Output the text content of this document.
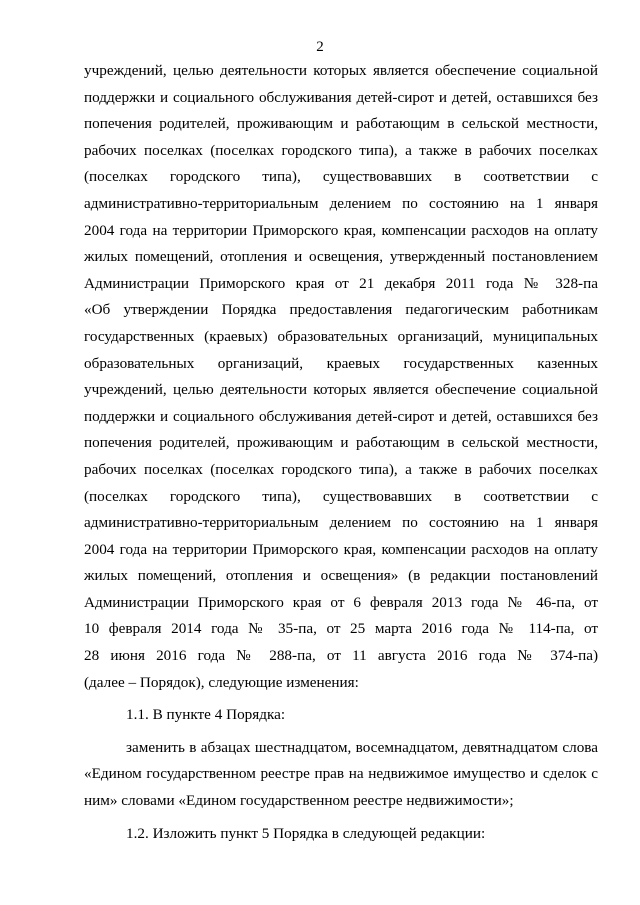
2
учреждений, целью деятельности которых является обеспечение социальной
поддержки и социального обслуживания детей-сирот и детей, оставшихся без
попечения родителей, проживающим и работающим в сельской местности,
рабочих поселках (поселках городского типа), а также в рабочих поселках
(поселках городского типа), существовавших в соответствии с
административно-территориальным делением по состоянию на 1 января
2004 года на территории Приморского края, компенсации расходов на оплату
жилых помещений, отопления и освещения, утвержденный постановлением
Администрации Приморского края от 21 декабря 2011 года № 328-па
«Об утверждении Порядка предоставления педагогическим работникам
государственных (краевых) образовательных организаций, муниципальных
образовательных организаций, краевых государственных казенных
учреждений, целью деятельности которых является обеспечение социальной
поддержки и социального обслуживания детей-сирот и детей, оставшихся без
попечения родителей, проживающим и работающим в сельской местности,
рабочих поселках (поселках городского типа), а также в рабочих поселках
(поселках городского типа), существовавших в соответствии с
административно-территориальным делением по состоянию на 1 января
2004 года на территории Приморского края, компенсации расходов на оплату
жилых помещений, отопления и освещения» (в редакции постановлений
Администрации Приморского края от 6 февраля 2013 года № 46-па, от
10 февраля 2014 года № 35-па, от 25 марта 2016 года № 114-па, от
28 июня 2016 года № 288-па, от 11 августа 2016 года № 374-па)
(далее – Порядок), следующие изменения:
1.1. В пункте 4 Порядка:
заменить в абзацах шестнадцатом, восемнадцатом, девятнадцатом слова
«Едином государственном реестре прав на недвижимое имущество и сделок с
ним» словами «Едином государственном реестре недвижимости»;
1.2. Изложить пункт 5 Порядка в следующей редакции:
